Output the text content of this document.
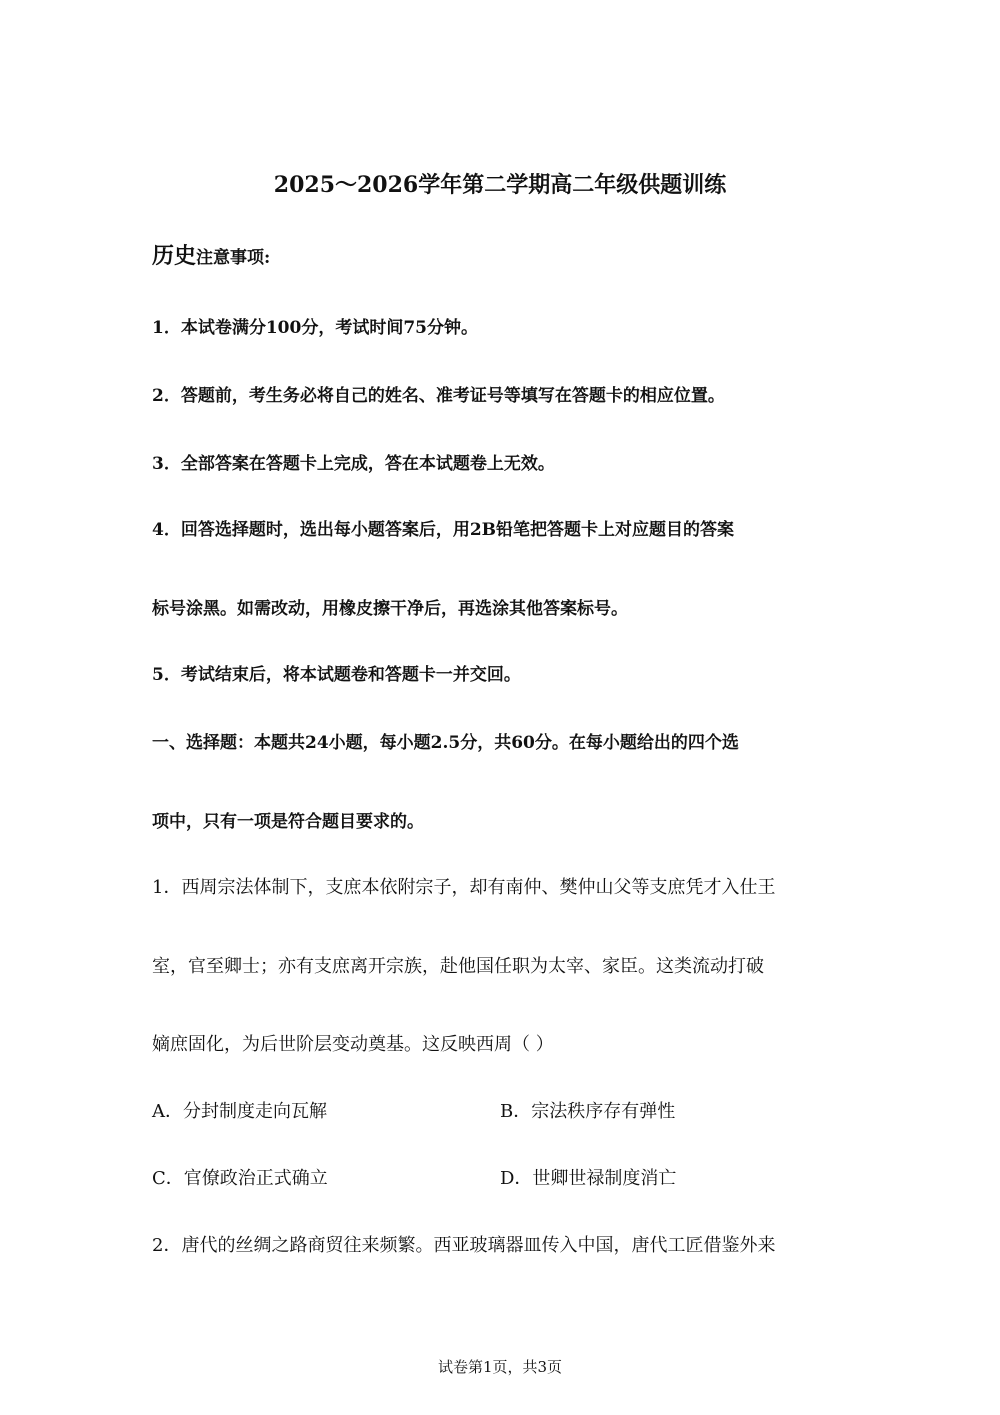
2025～2026学年第二学期高二年级供题训练
历史注意事项:
1．本试卷满分100分，考试时间75分钟。
2．答题前，考生务必将自己的姓名、准考证号等填写在答题卡的相应位置。
3．全部答案在答题卡上完成，答在本试题卷上无效。
4．回答选择题时，选出每小题答案后，用2B铅笔把答题卡上对应题目的答案
标号涂黑。如需改动，用橡皮擦干净后，再选涂其他答案标号。
5．考试结束后，将本试题卷和答题卡一并交回。
一、选择题：本题共24小题，每小题2.5分，共60分。在每小题给出的四个选
项中，只有一项是符合题目要求的。
1．西周宗法体制下，支庶本依附宗子，却有南仲、樊仲山父等支庶凭才入仕王
室，官至卿士；亦有支庶离开宗族，赴他国任职为太宰、家臣。这类流动打破
嫡庶固化，为后世阶层变动奠基。这反映西周（ ）
A．分封制度走向瓦解	B．宗法秩序存有弹性
C．官僚政治正式确立	D．世卿世禄制度消亡
2．唐代的丝绸之路商贸往来频繁。西亚玻璃器皿传入中国，唐代工匠借鉴外来
试卷第1页，共3页
